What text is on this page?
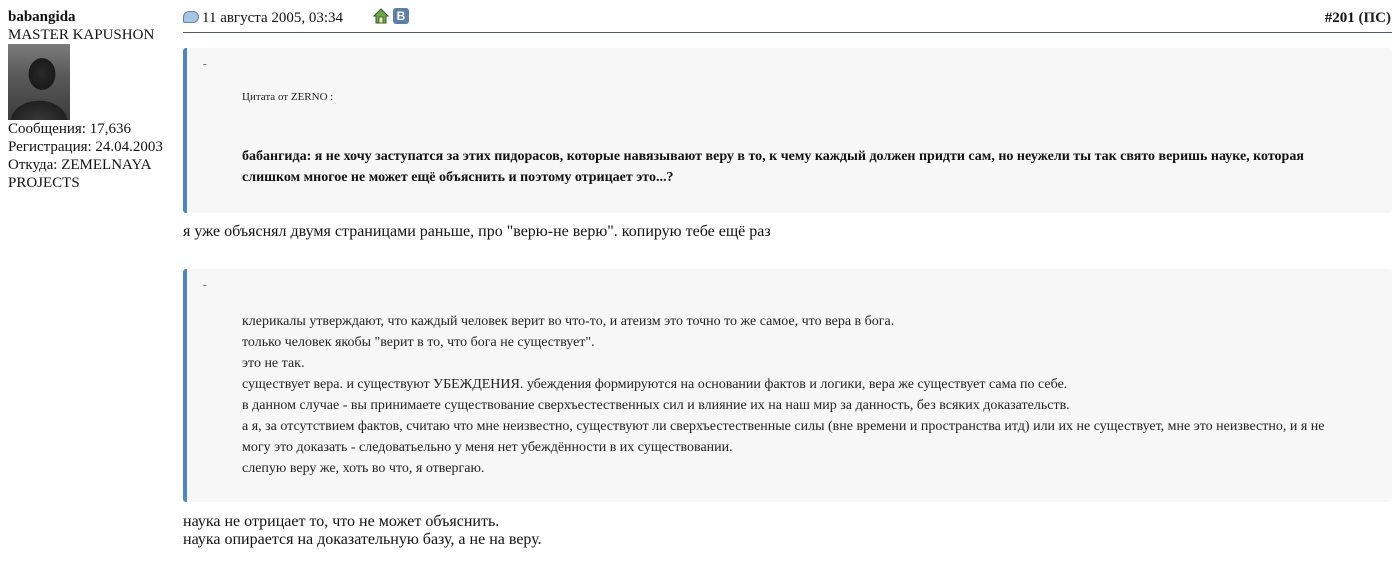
babangida
MASTER KAPUSHON
Сообщения: 17,636
Регистрация: 24.04.2003
Откуда: ZEMELNAYA
PROJECTS
11 августа 2005, 03:34	В	#201 (ПС)
-
Цитата от ZERNO :
бабангида: я не хочу заступатся за этих пидорасов, которые навязывают веру в то, к чему каждый должен придти сам, но неужели ты так свято веришь науке, которая слишком многое не может ещё объяснить и поэтому отрицает это...?
я уже объяснял двумя страницами раньше, про "верю-не верю". копирую тебе ещё раз
-
клерикалы утверждают, что каждый человек верит во что-то, и атеизм это точно то же самое, что вера в бога.
только человек якобы "верит в то, что бога не существует".
это не так.
существует вера. и существуют УБЕЖДЕНИЯ. убеждения формируются на основании фактов и логики, вера же существует сама по себе.
в данном случае - вы принимаете существование сверхъестественных сил и влияние их на наш мир за данность, без всяких доказательств.
а я, за отсутствием фактов, считаю что мне неизвестно, существуют ли сверхъестественные силы (вне времени и пространства итд) или их не существует, мне это неизвестно, и я не могу это доказать - следоватьельно у меня нет убеждённости в их существовании.
слепую веру же, хоть во что, я отвергаю.
наука не отрицает то, что не может объяснить.
наука опирается на доказательную базу, а не на веру.
